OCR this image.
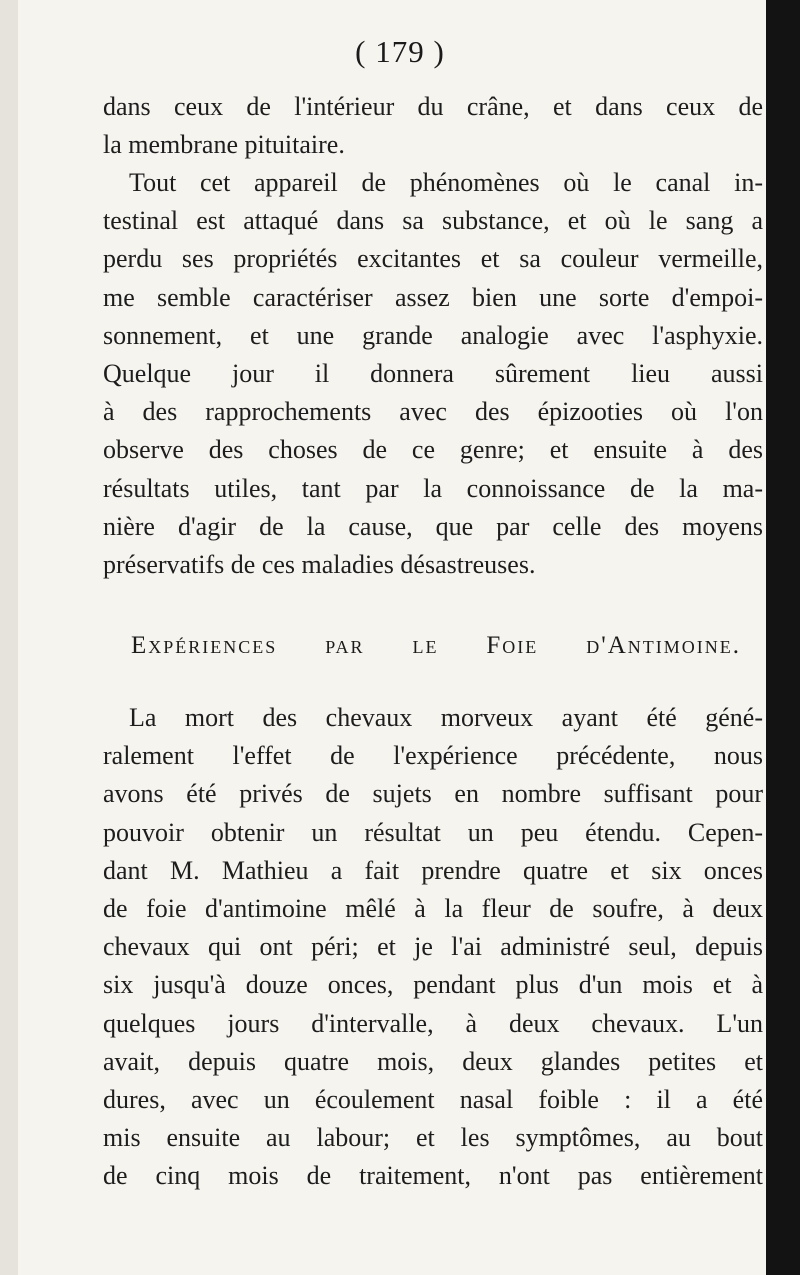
( 179 )
dans ceux de l'intérieur du crâne, et dans ceux de
la membrane pituitaire.
Tout cet appareil de phénomènes où le canal in-
testinal est attaqué dans sa substance, et où le sang a
perdu ses propriétés excitantes et sa couleur vermeille,
me semble caractériser assez bien une sorte d'empoi-
sonnement, et une grande analogie avec l'asphyxie.
Quelque jour il donnera sûrement lieu aussi
à des rapprochements avec des épizooties où l'on
observe des choses de ce genre; et ensuite à des
résultats utiles, tant par la connoissance de la ma-
nière d'agir de la cause, que par celle des moyens
préservatifs de ces maladies désastreuses.
Expériences par le Foie d'Antimoine.
La mort des chevaux morveux ayant été géné-
ralement l'effet de l'expérience précédente, nous
avons été privés de sujets en nombre suffisant pour
pouvoir obtenir un résultat un peu étendu. Cepen-
dant M. Mathieu a fait prendre quatre et six onces
de foie d'antimoine mêlé à la fleur de soufre, à deux
chevaux qui ont péri; et je l'ai administré seul, depuis
six jusqu'à douze onces, pendant plus d'un mois et à
quelques jours d'intervalle, à deux chevaux. L'un
avait, depuis quatre mois, deux glandes petites et
dures, avec un écoulement nasal foible : il a été
mis ensuite au labour; et les symptômes, au bout
de cinq mois de traitement, n'ont pas entièrement
